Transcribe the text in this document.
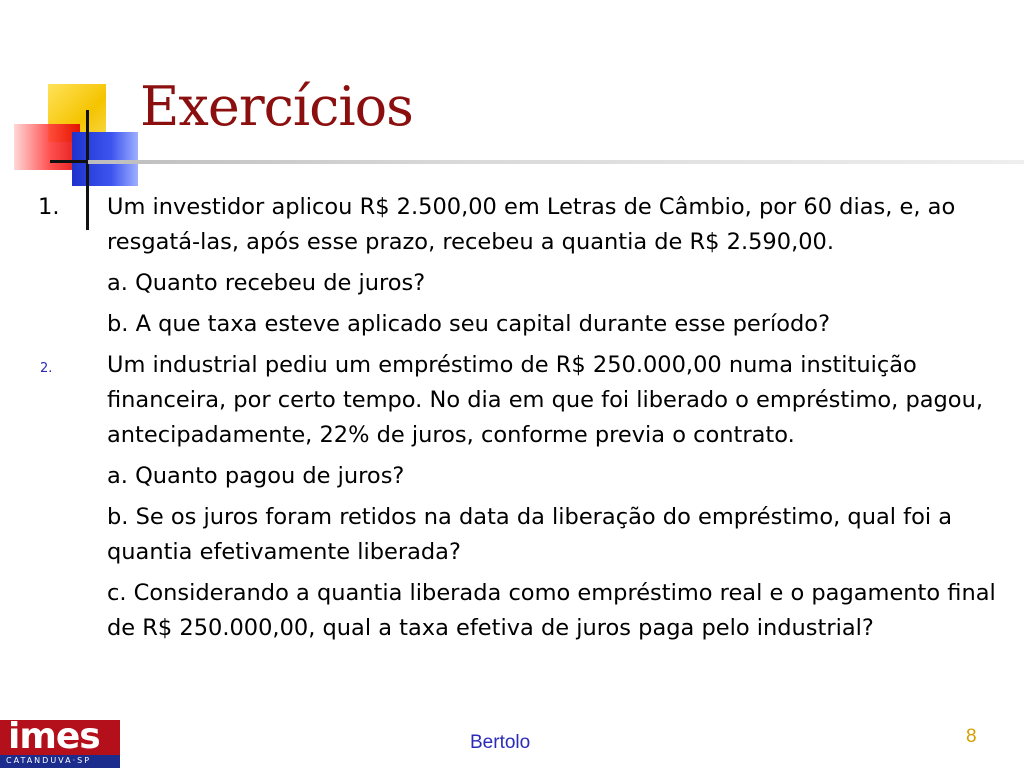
Exercícios
1. Um investidor aplicou R$ 2.500,00 em Letras de Câmbio, por 60 dias, e, ao resgatá-las, após esse prazo, recebeu a quantia de R$ 2.590,00.
a. Quanto recebeu de juros?
b. A que taxa esteve aplicado seu capital durante esse período?
2. Um industrial pediu um empréstimo de R$ 250.000,00 numa instituição financeira, por certo tempo. No dia em que foi liberado o empréstimo, pagou, antecipadamente, 22% de juros, conforme previa o contrato.
a. Quanto pagou de juros?
b. Se os juros foram retidos na data da liberação do empréstimo, qual foi a quantia efetivamente liberada?
c. Considerando a quantia liberada como empréstimo real e o pagamento final de R$ 250.000,00, qual a taxa efetiva de juros paga pelo industrial?
imes
CATANDUVA·SP
Bertolo	8
